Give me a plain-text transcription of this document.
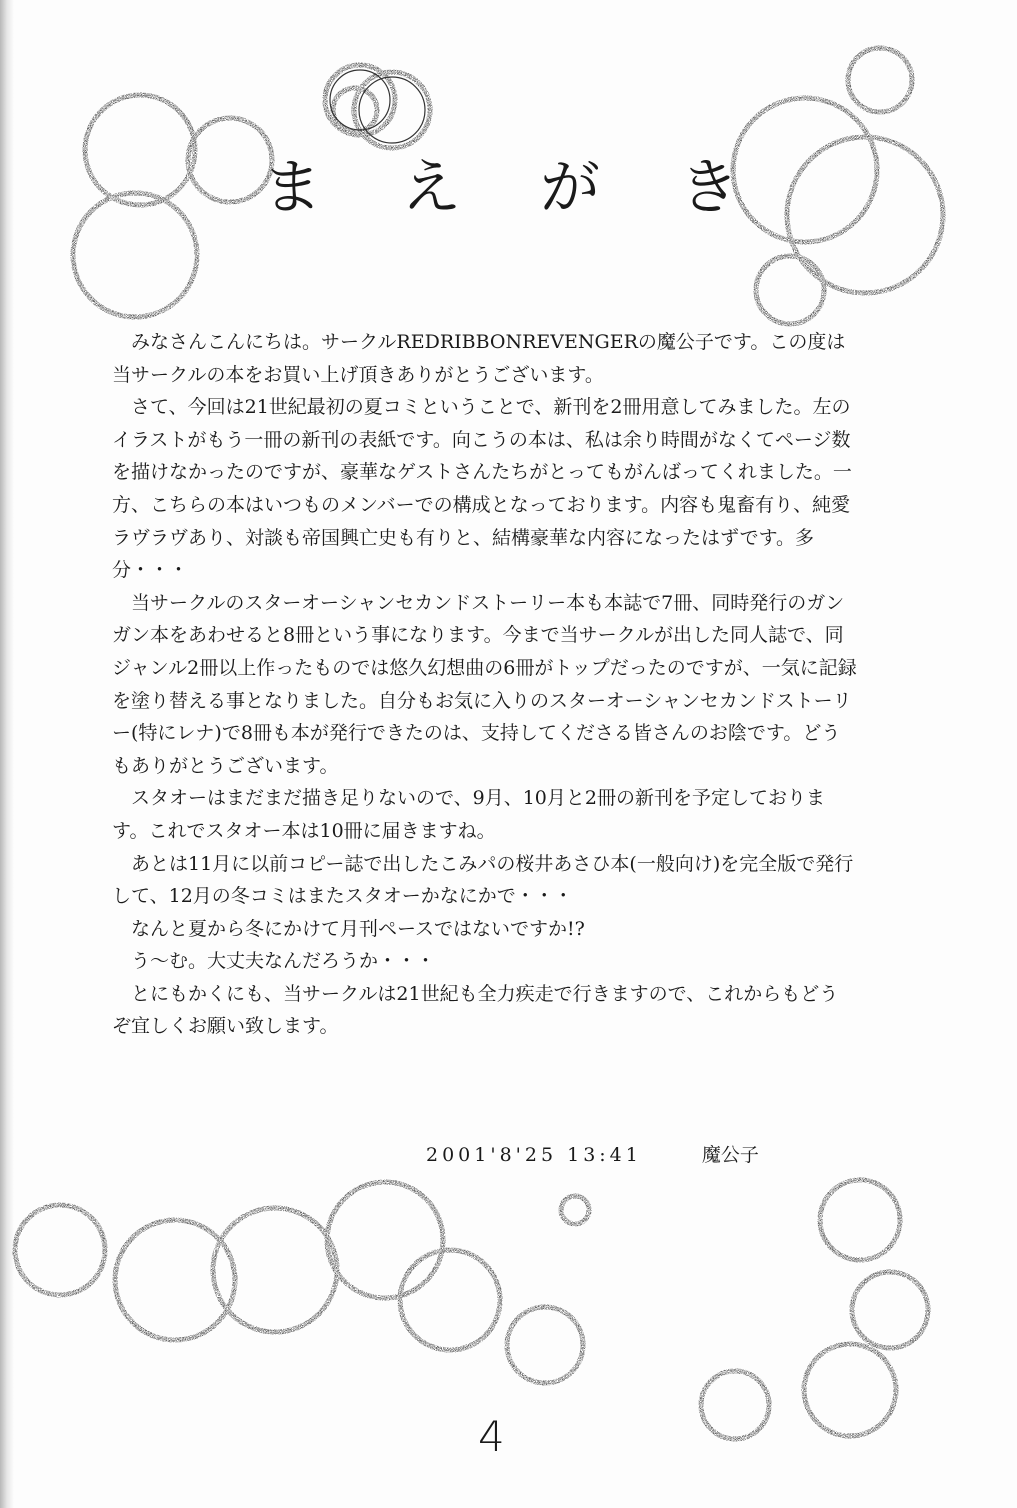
ま え が き

みなさんこんにちは。サークルREDRIBBONREVENGERの魔公子です。この度は当サークルの本をお買い上げ頂きありがとうございます。

さて、今回は21世紀最初の夏コミということで、新刊を2冊用意してみました。左のイラストがもう一冊の新刊の表紙です。向こうの本は、私は余り時間がなくてページ数を描けなかったのですが、豪華なゲストさんたちがとってもがんばってくれました。一方、こちらの本はいつものメンバーでの構成となっております。内容も鬼畜有り、純愛ラヴラヴあり、対談も帝国興亡史も有りと、結構豪華な内容になったはずです。多分・・・

当サークルのスターオーシャンセカンドストーリー本も本誌で7冊、同時発行のガンガン本をあわせると8冊という事になります。今まで当サークルが出した同人誌で、同ジャンル2冊以上作ったものでは悠久幻想曲の6冊がトップだったのですが、一気に記録を塗り替える事となりました。自分もお気に入りのスターオーシャンセカンドストーリー(特にレナ)で8冊も本が発行できたのは、支持してくださる皆さんのお陰です。どうもありがとうございます。

スタオーはまだまだ描き足りないので、9月、10月と2冊の新刊を予定しております。これでスタオー本は10冊に届きますね。

あとは11月に以前コピー誌で出したこみパの桜井あさひ本(一般向け)を完全版で発行して、12月の冬コミはまたスタオーかなにかで・・・

なんと夏から冬にかけて月刊ペースではないですか!?

う〜む。大丈夫なんだろうか・・・

とにもかくにも、当サークルは21世紀も全力疾走で行きますので、これからもどうぞ宜しくお願い致します。

2001'8'25 13:41	魔公子
4
